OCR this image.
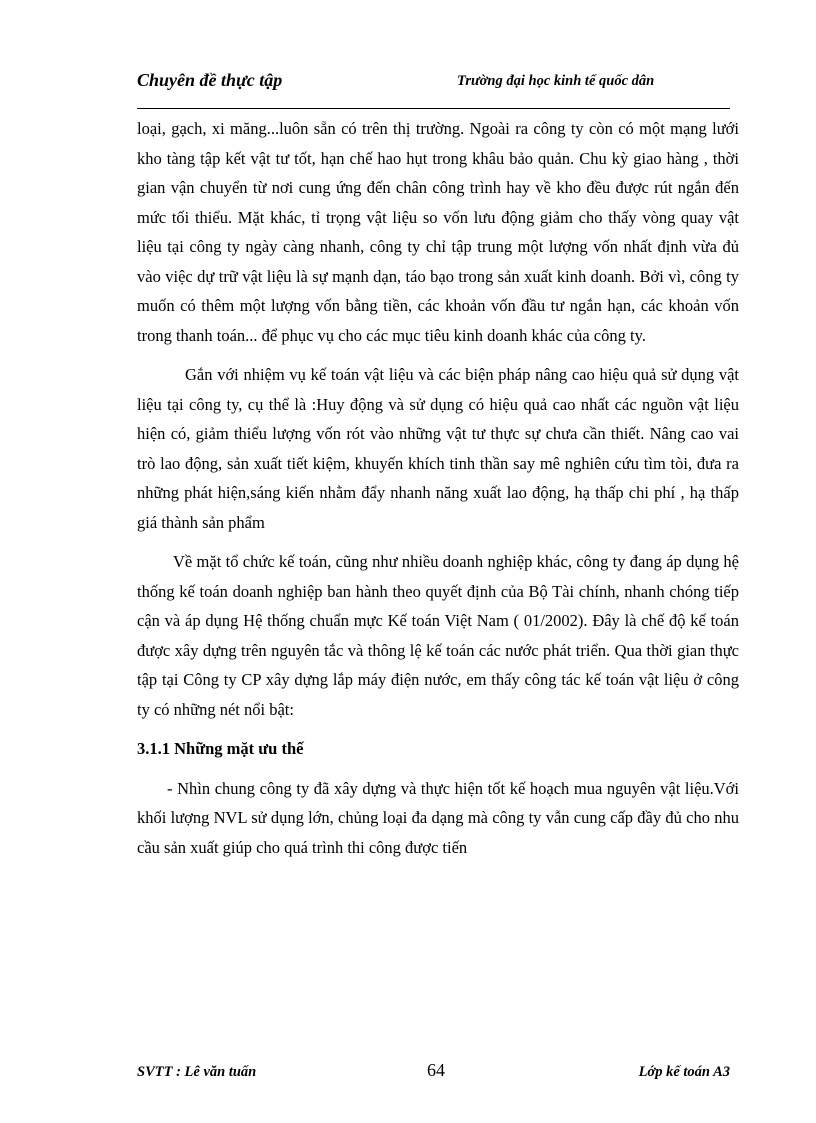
Chuyên đề thực tập	Trường đại học kinh tế quốc dân

loại, gạch, xi măng...luôn sẵn có trên thị trường. Ngoài ra công ty còn có một mạng lưới kho tàng tập kết vật tư tốt, hạn chế hao hụt trong khâu bảo quản. Chu kỳ giao hàng , thời gian vận chuyển từ nơi cung ứng đến chân công trình hay về kho đều được rút ngắn đến mức tối thiểu. Mặt khác, tỉ trọng vật liệu so vốn lưu động giảm cho thấy vòng quay vật liệu tại công ty ngày càng nhanh, công ty chỉ tập trung một lượng vốn nhất định vừa đủ vào việc dự trữ vật liệu là sự mạnh dạn, táo bạo trong sản xuất kinh doanh. Bởi vì, công ty muốn có thêm một lượng vốn bằng tiền, các khoản vốn đầu tư ngắn hạn, các khoản vốn trong thanh toán... để phục vụ cho các mục tiêu kinh doanh khác của công ty.

Gắn với nhiệm vụ kế toán vật liệu và các biện pháp nâng cao hiệu quả sử dụng vật liệu tại công ty, cụ thể là :Huy động và sử dụng có hiệu quả cao nhất các nguồn vật liệu hiện có, giảm thiểu lượng vốn rót vào những vật tư thực sự chưa cần thiết. Nâng cao vai trò lao động, sản xuất tiết kiệm, khuyến khích tinh thần say mê nghiên cứu tìm tòi, đưa ra những phát hiện,sáng kiến nhằm đẩy nhanh năng xuất lao động, hạ thấp chi phí , hạ thấp giá thành sản phẩm

Về mặt tổ chức kế toán, cũng như nhiều doanh nghiệp khác, công ty đang áp dụng hệ thống kế toán doanh nghiệp ban hành theo quyết định của Bộ Tài chính, nhanh chóng tiếp cận và áp dụng Hệ thống chuẩn mực Kế toán Việt Nam ( 01/2002). Đây là chế độ kế toán được xây dựng trên nguyên tắc và thông lệ kế toán các nước phát triển. Qua thời gian thực tập tại Công ty CP xây dựng lắp máy điện nước, em thấy công tác kế toán vật liệu ở công ty có những nét nổi bật:

3.1.1 Những mặt ưu thế

- Nhìn chung công ty đã xây dựng và thực hiện tốt kế hoạch mua nguyên vật liệu.Với khối lượng NVL sử dụng lớn, chủng loại đa dạng mà công ty vẫn cung cấp đầy đủ cho nhu cầu sản xuất giúp cho quá trình thi công được tiến

SVTT : Lê văn tuấn	64	Lớp kế toán A3
